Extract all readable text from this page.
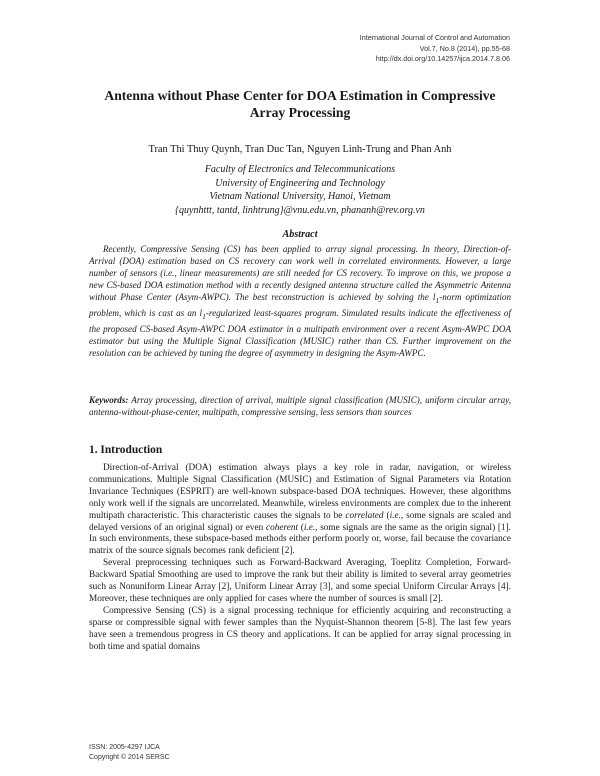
International Journal of Control and Automation
Vol.7, No.8 (2014), pp.55-68
http://dx.doi.org/10.14257/ijca.2014.7.8.06
Antenna without Phase Center for DOA Estimation in Compressive
Array Processing
Tran Thi Thuy Quynh, Tran Duc Tan, Nguyen Linh-Trung and Phan Anh
Faculty of Electronics and Telecommunications
University of Engineering and Technology
Vietnam National University, Hanoi, Vietnam
{quynhttt, tantd, linhtrung}@vnu.edu.vn, phananh@rev.org.vn
Abstract

Recently, Compressive Sensing (CS) has been applied to array signal processing. In theory, Direction-of-Arrival (DOA) estimation based on CS recovery can work well in correlated environments. However, a large number of sensors (i.e., linear measurements) are still needed for CS recovery. To improve on this, we propose a new CS-based DOA estimation method with a recently designed antenna structure called the Asymmetric Antenna without Phase Center (Asym-AWPC). The best reconstruction is achieved by solving the $l_1$-norm optimization problem, which is cast as an $l_1$-regularized least-squares program. Simulated results indicate the effectiveness of the proposed CS-based Asym-AWPC DOA estimator in a multipath environment over a recent Asym-AWPC DOA estimator but using the Multiple Signal Classification (MUSIC) rather than CS. Further improvement on the resolution can be achieved by tuning the degree of asymmetry in designing the Asym-AWPC.

Keywords: Array processing, direction of arrival, multiple signal classification (MUSIC), uniform circular array, antenna-without-phase-center, multipath, compressive sensing, less sensors than sources

1. Introduction

Direction-of-Arrival (DOA) estimation always plays a key role in radar, navigation, or wireless communications. Multiple Signal Classification (MUSIC) and Estimation of Signal Parameters via Rotation Invariance Techniques (ESPRIT) are well-known subspace-based DOA techniques. However, these algorithms only work well if the signals are uncorrelated. Meanwhile, wireless environments are complex due to the inherent multipath characteristic. This characteristic causes the signals to be correlated (i.e., some signals are scaled and delayed versions of an original signal) or even coherent (i.e., some signals are the same as the origin signal) [1]. In such environments, these subspace-based methods either perform poorly or, worse, fail because the covariance matrix of the source signals becomes rank deficient [2].

Several preprocessing techniques such as Forward-Backward Averaging, Toeplitz Completion, Forward-Backward Spatial Smoothing are used to improve the rank but their ability is limited to several array geometries such as Nonuniform Linear Array [2], Uniform Linear Array [3], and some special Uniform Circular Arrays [4]. Moreover, these techniques are only applied for cases where the number of sources is small [2].

Compressive Sensing (CS) is a signal processing technique for efficiently acquiring and reconstructing a sparse or compressible signal with fewer samples than the Nyquist-Shannon theorem [5-8]. The last few years have seen a tremendous progress in CS theory and applications. It can be applied for array signal processing in both time and spatial domains

ISSN: 2005-4297 IJCA
Copyright © 2014 SERSC
